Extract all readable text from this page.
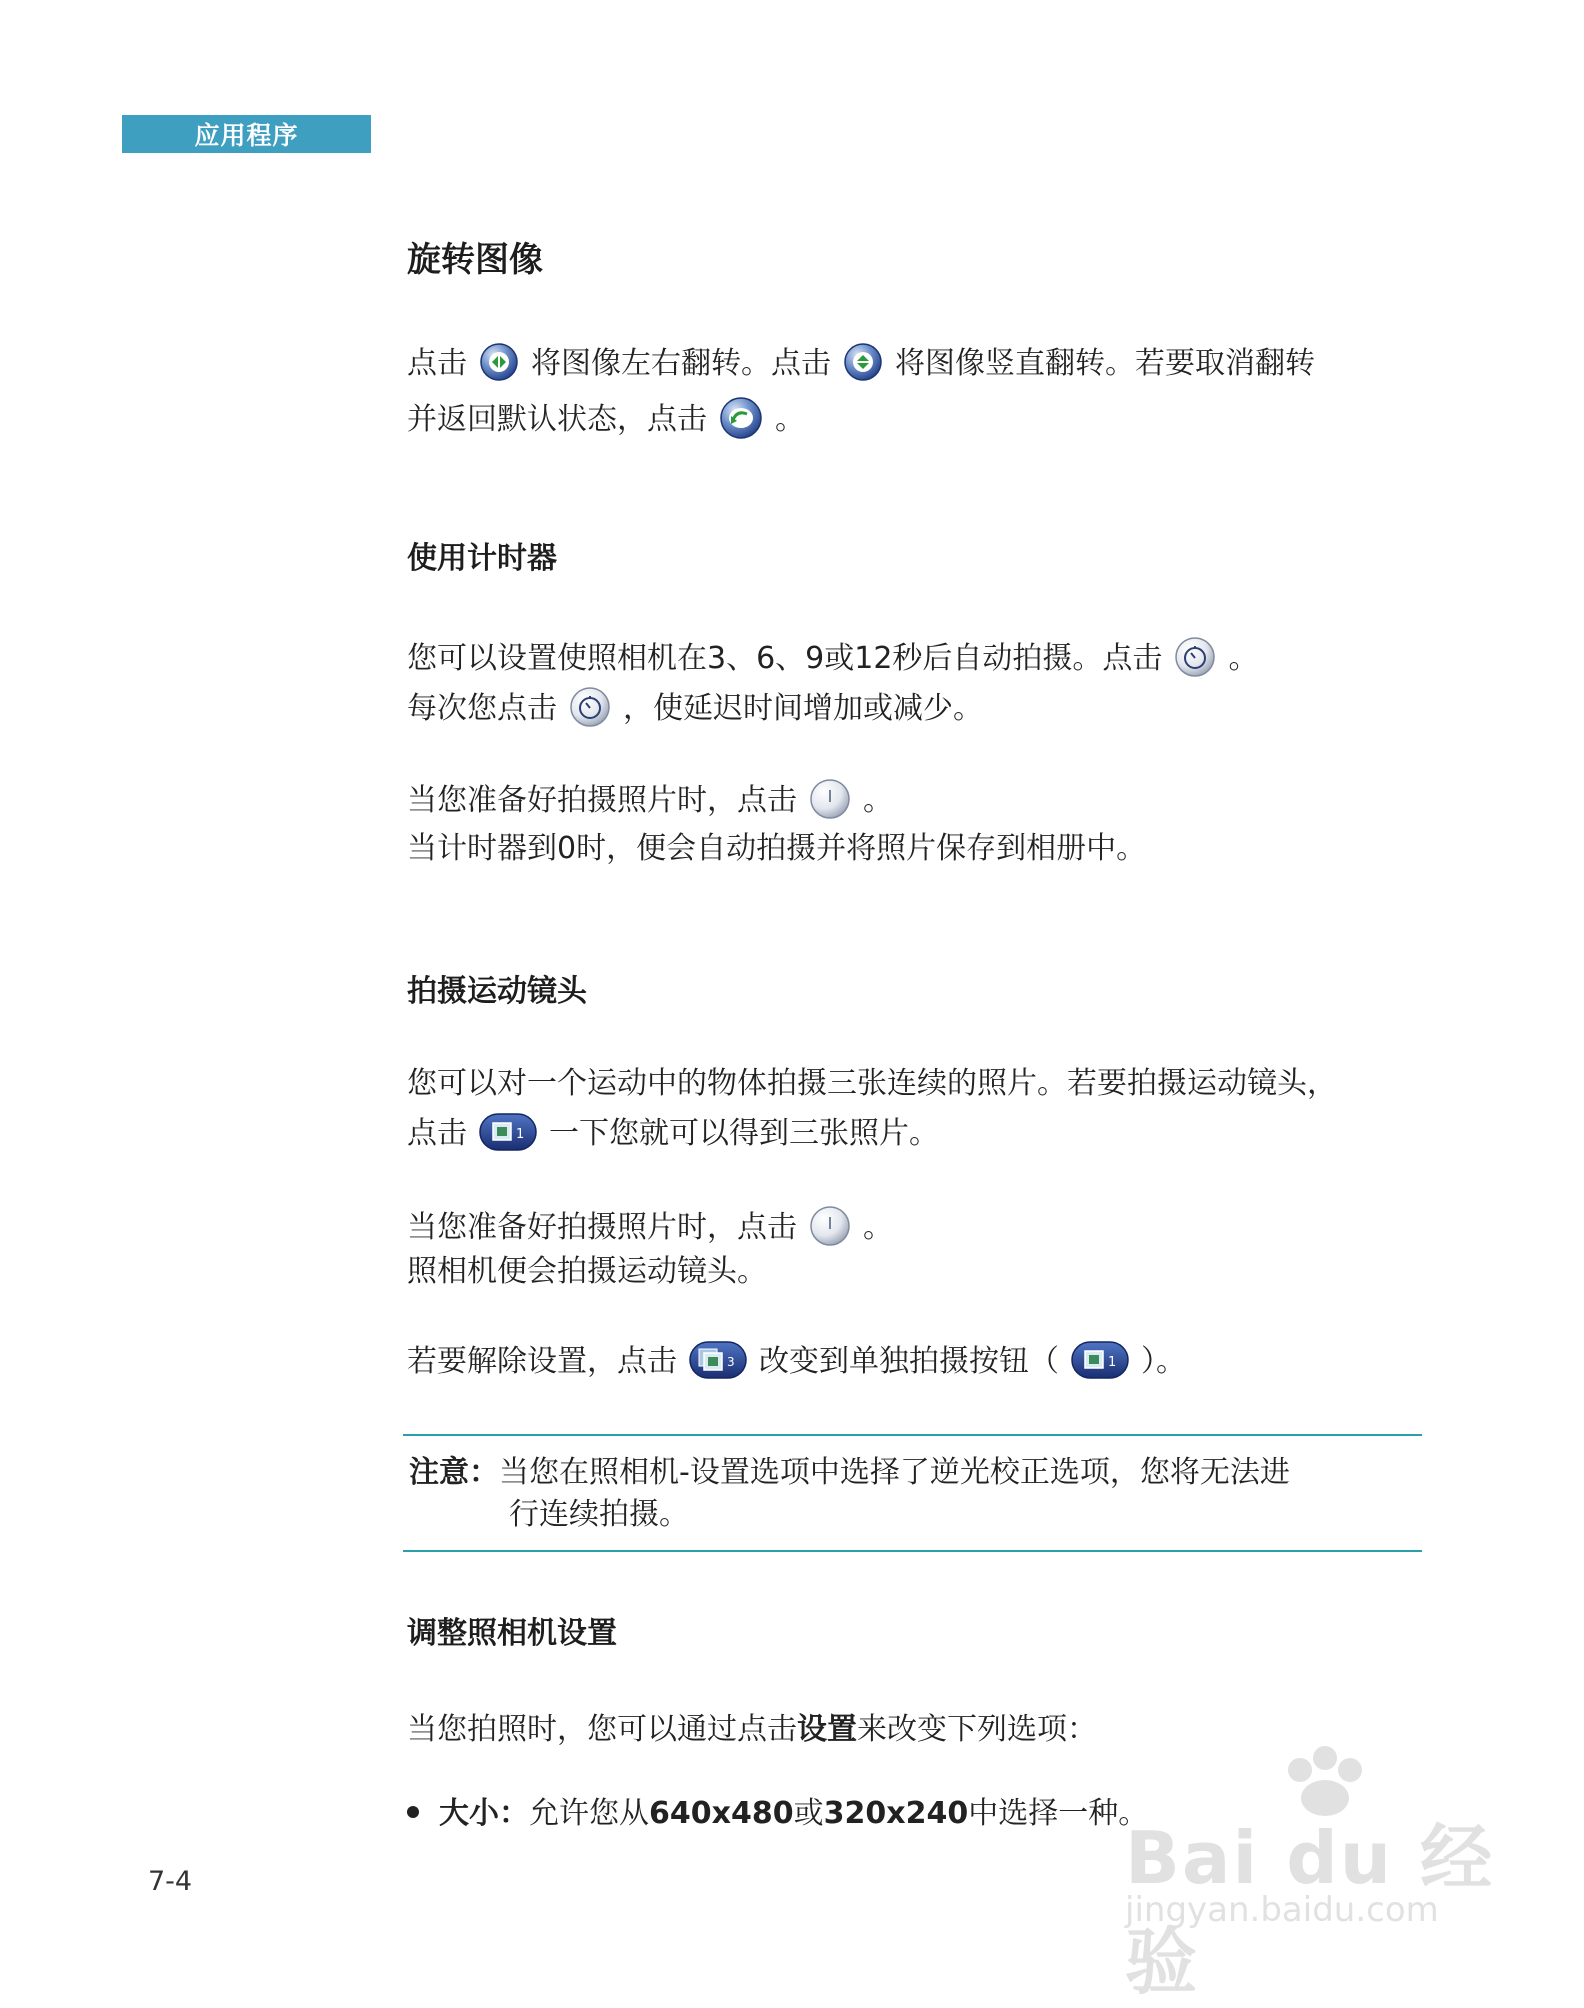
应用程序
旋转图像
点击 将图像左右翻转。点击 将图像竖直翻转。若要取消翻转
并返回默认状态，点击 。
使用计时器
您可以设置使照相机在3、6、9或12秒后自动拍摄。点击 。
每次您点击 ，使延迟时间增加或减少。
当您准备好拍摄照片时，点击 。
当计时器到0时，便会自动拍摄并将照片保存到相册中。
拍摄运动镜头
您可以对一个运动中的物体拍摄三张连续的照片。若要拍摄运动镜头，
点击	1 一下您就可以得到三张照片。
当您准备好拍摄照片时，点击 。
照相机便会拍摄运动镜头。
若要解除设置，点击	3 改变到单独拍摄按钮（	1 ）。
注意：当您在照相机-设置选项中选择了逆光校正选项，您将无法进
行连续拍摄。
调整照相机设置
当您拍照时，您可以通过点击设置来改变下列选项：
大小：允许您从640x480或320x240中选择一种。
7-4	Bai du 经验
jingyan.baidu.com
